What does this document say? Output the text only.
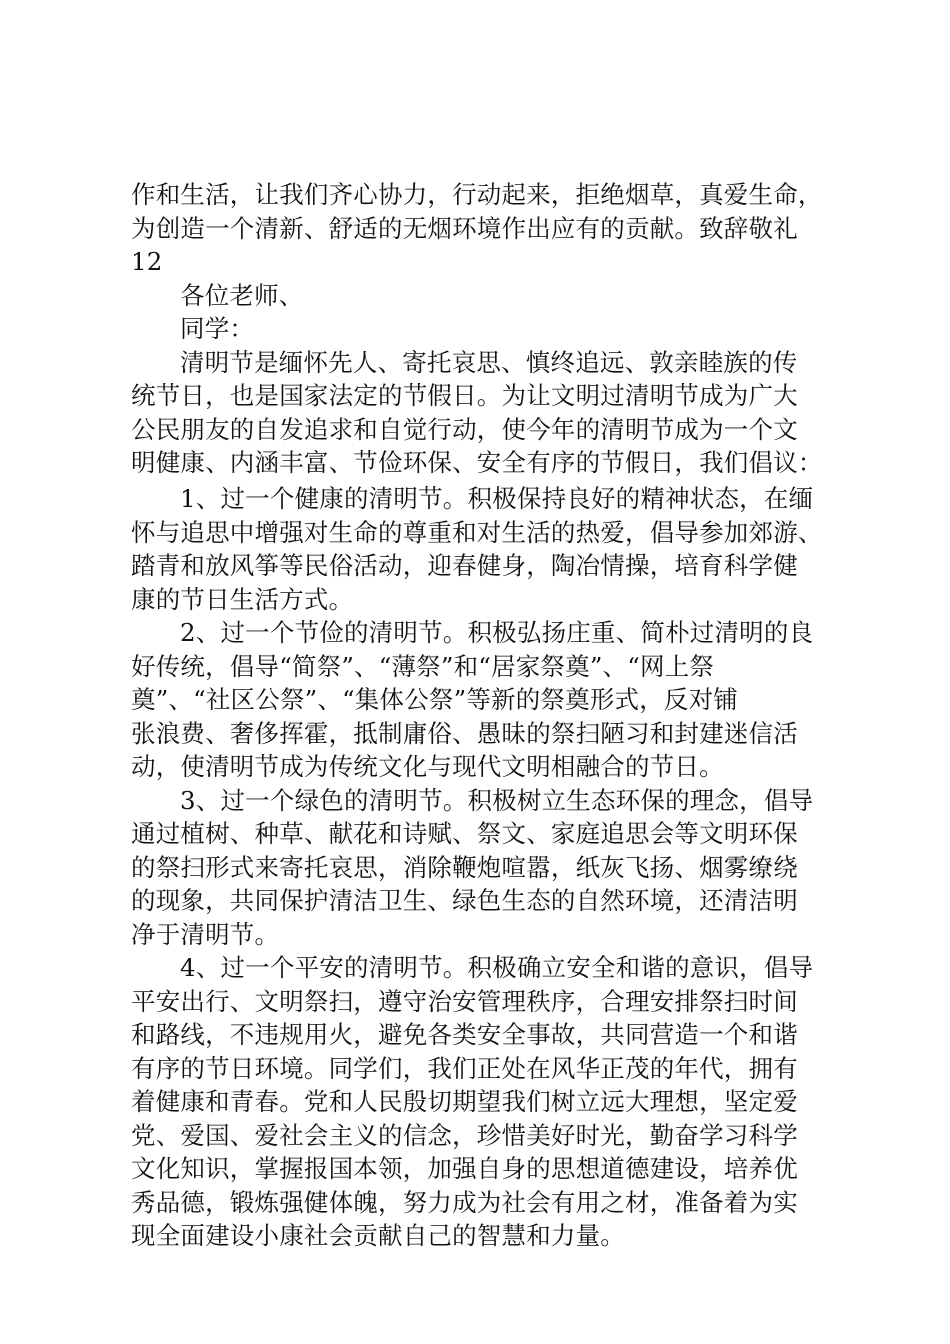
作和生活，让我们齐心协力，行动起来，拒绝烟草，真爱生命，
为创造一个清新、舒适的无烟环境作出应有的贡献。致辞敬礼
12
各位老师、
同学：
清明节是缅怀先人、寄托哀思、慎终追远、敦亲睦族的传
统节日，也是国家法定的节假日。为让文明过清明节成为广大
公民朋友的自发追求和自觉行动，使今年的清明节成为一个文
明健康、内涵丰富、节俭环保、安全有序的节假日，我们倡议：
1、过一个健康的清明节。积极保持良好的精神状态，在缅
怀与追思中增强对生命的尊重和对生活的热爱，倡导参加郊游、
踏青和放风筝等民俗活动，迎春健身，陶冶情操，培育科学健
康的节日生活方式。
2、过一个节俭的清明节。积极弘扬庄重、简朴过清明的良
好传统，倡导“简祭”、“薄祭”和“居家祭奠”、“网上祭
奠”、“社区公祭”、“集体公祭”等新的祭奠形式，反对铺
张浪费、奢侈挥霍，抵制庸俗、愚昧的祭扫陋习和封建迷信活
动，使清明节成为传统文化与现代文明相融合的节日。
3、过一个绿色的清明节。积极树立生态环保的理念，倡导
通过植树、种草、献花和诗赋、祭文、家庭追思会等文明环保
的祭扫形式来寄托哀思，消除鞭炮喧嚣，纸灰飞扬、烟雾缭绕
的现象，共同保护清洁卫生、绿色生态的自然环境，还清洁明
净于清明节。
4、过一个平安的清明节。积极确立安全和谐的意识，倡导
平安出行、文明祭扫，遵守治安管理秩序，合理安排祭扫时间
和路线，不违规用火，避免各类安全事故，共同营造一个和谐
有序的节日环境。同学们，我们正处在风华正茂的年代，拥有
着健康和青春。党和人民殷切期望我们树立远大理想，坚定爱
党、爱国、爱社会主义的信念，珍惜美好时光，勤奋学习科学
文化知识，掌握报国本领，加强自身的思想道德建设，培养优
秀品德，锻炼强健体魄，努力成为社会有用之材，准备着为实
现全面建设小康社会贡献自己的智慧和力量。
